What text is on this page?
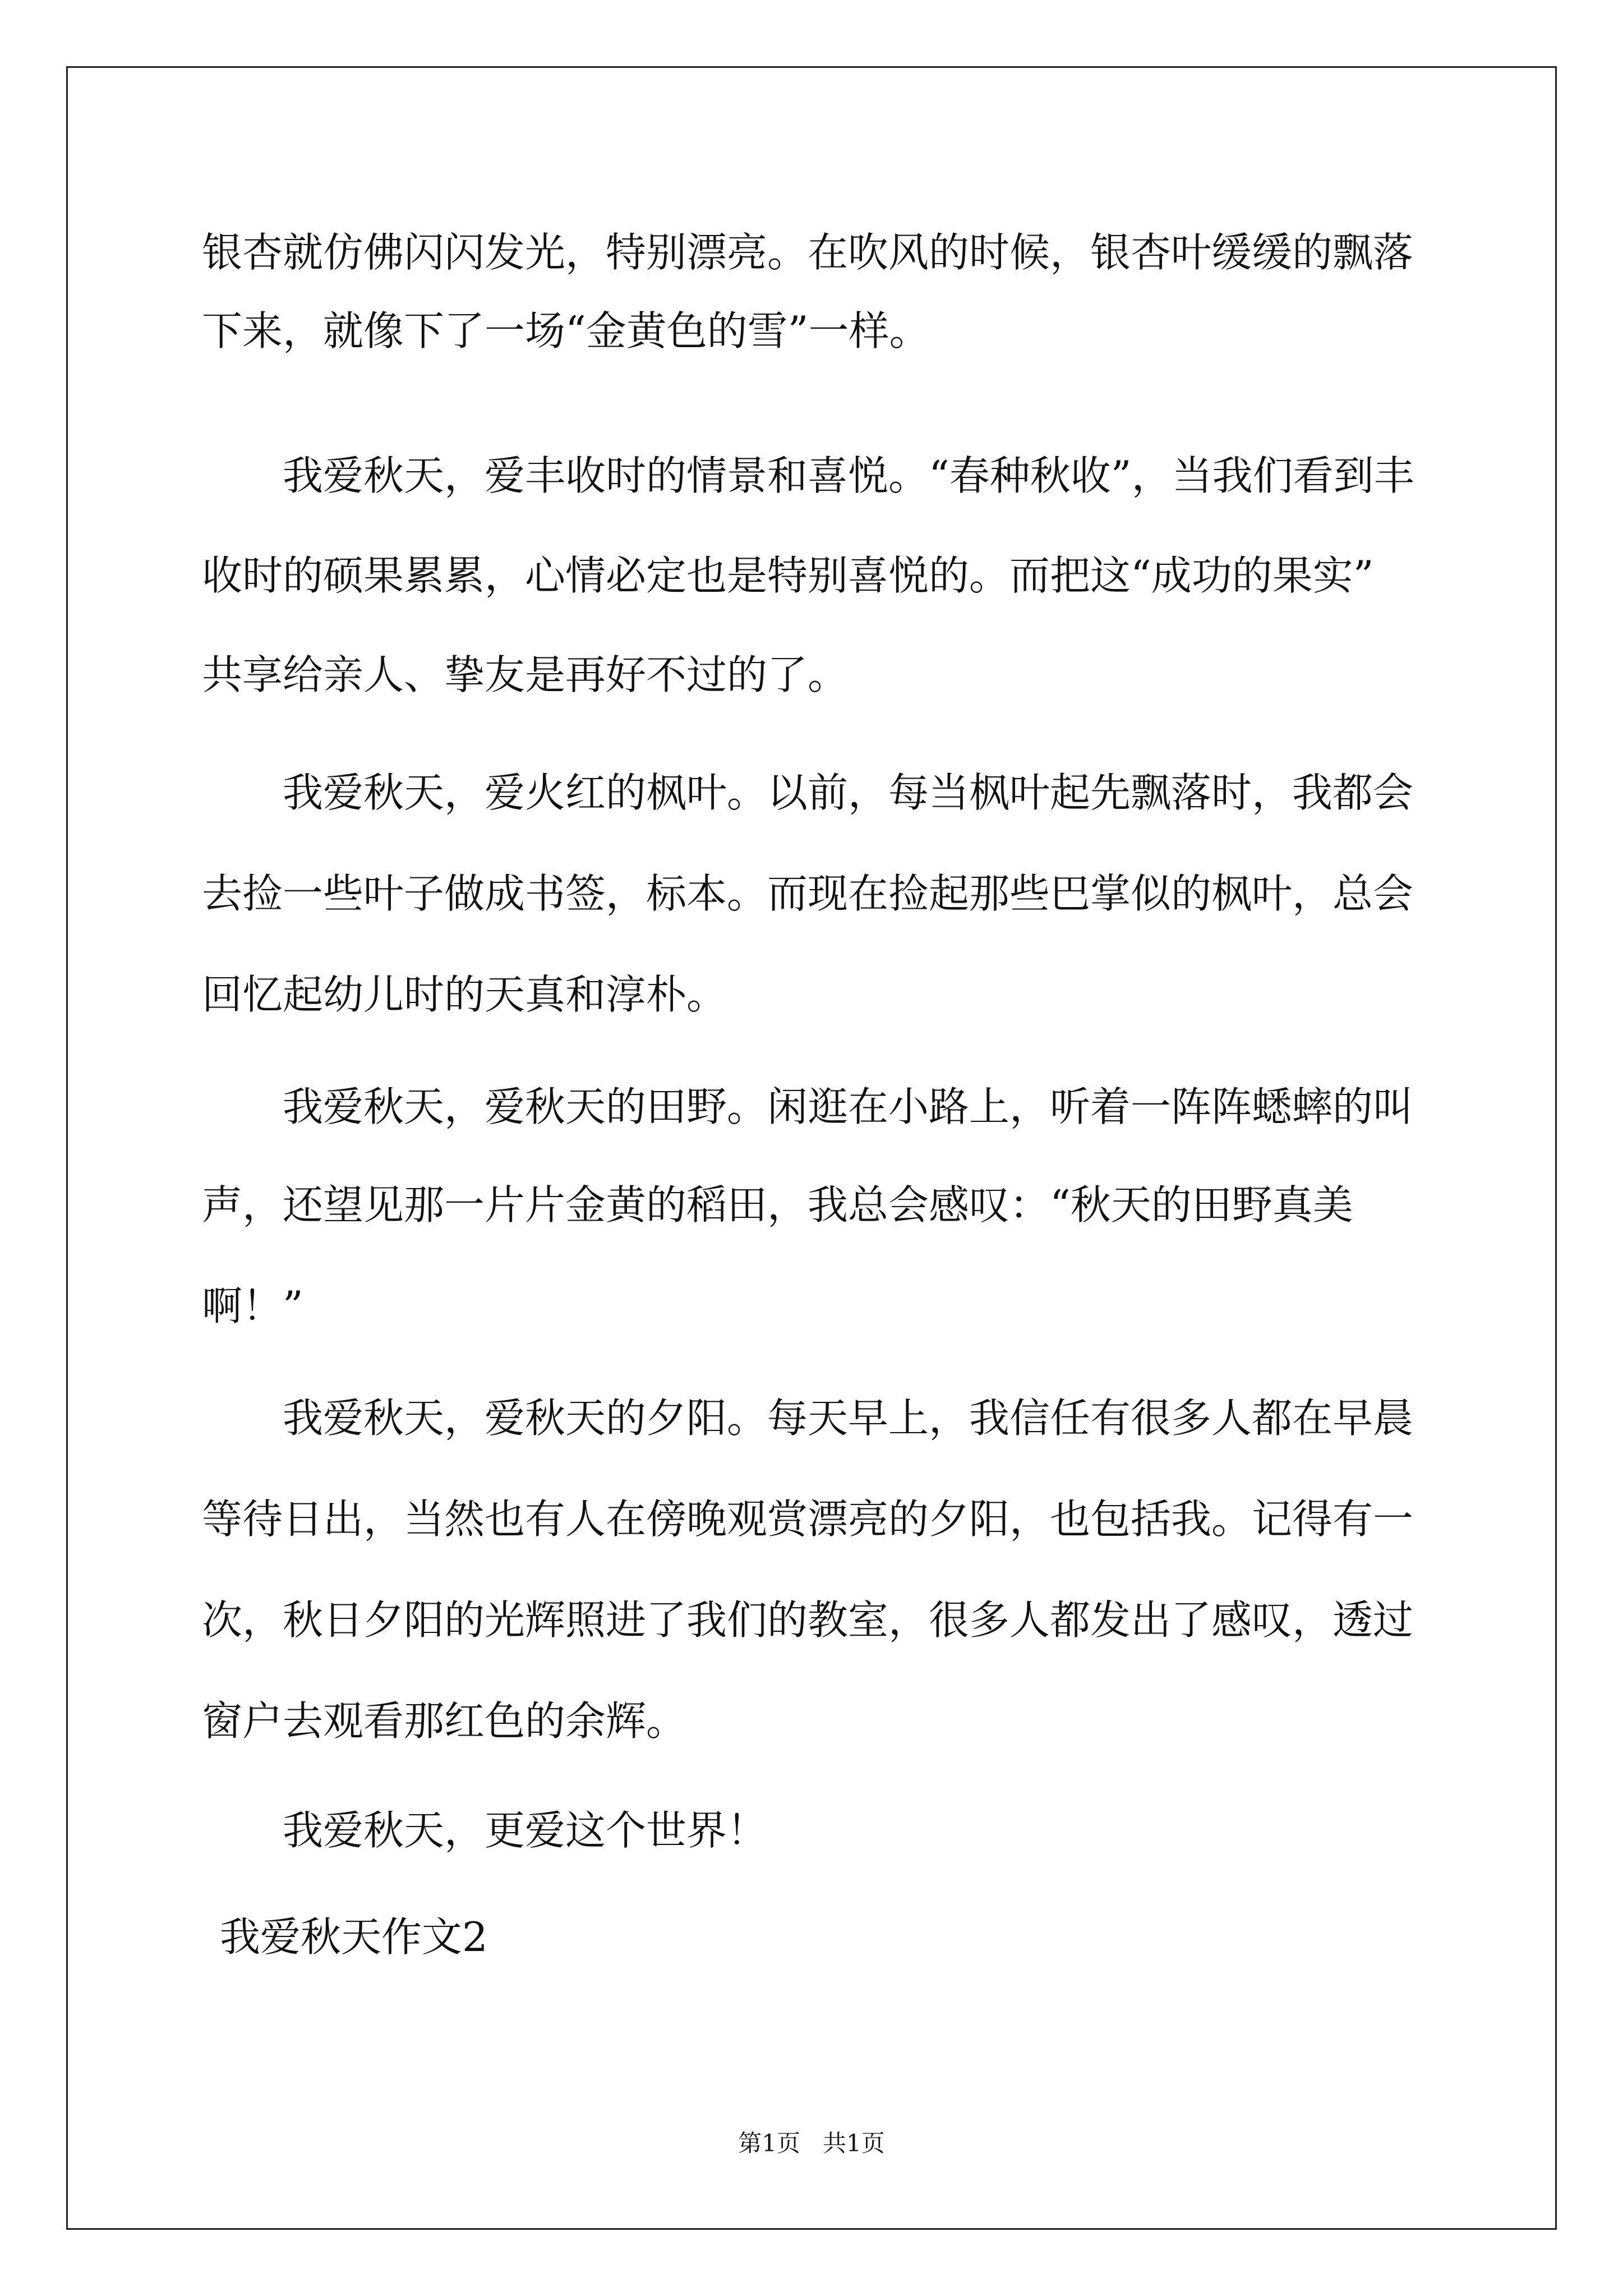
银杏就仿佛闪闪发光，特别漂亮。在吹风的时候，银杏叶缓缓的飘落
下来，就像下了一场“金黄色的雪”一样。
我爱秋天，爱丰收时的情景和喜悦。“春种秋收”，当我们看到丰
收时的硕果累累，心情必定也是特别喜悦的。而把这“成功的果实”
共享给亲人、挚友是再好不过的了。
我爱秋天，爱火红的枫叶。以前，每当枫叶起先飘落时，我都会
去捡一些叶子做成书签，标本。而现在捡起那些巴掌似的枫叶，总会
回忆起幼儿时的天真和淳朴。
我爱秋天，爱秋天的田野。闲逛在小路上，听着一阵阵蟋蟀的叫
声，还望见那一片片金黄的稻田，我总会感叹：“秋天的田野真美
啊！”
我爱秋天，爱秋天的夕阳。每天早上，我信任有很多人都在早晨
等待日出，当然也有人在傍晚观赏漂亮的夕阳，也包括我。记得有一
次，秋日夕阳的光辉照进了我们的教室，很多人都发出了感叹，透过
窗户去观看那红色的余辉。
我爱秋天，更爱这个世界！
我爱秋天作文2
第1页   共1页
